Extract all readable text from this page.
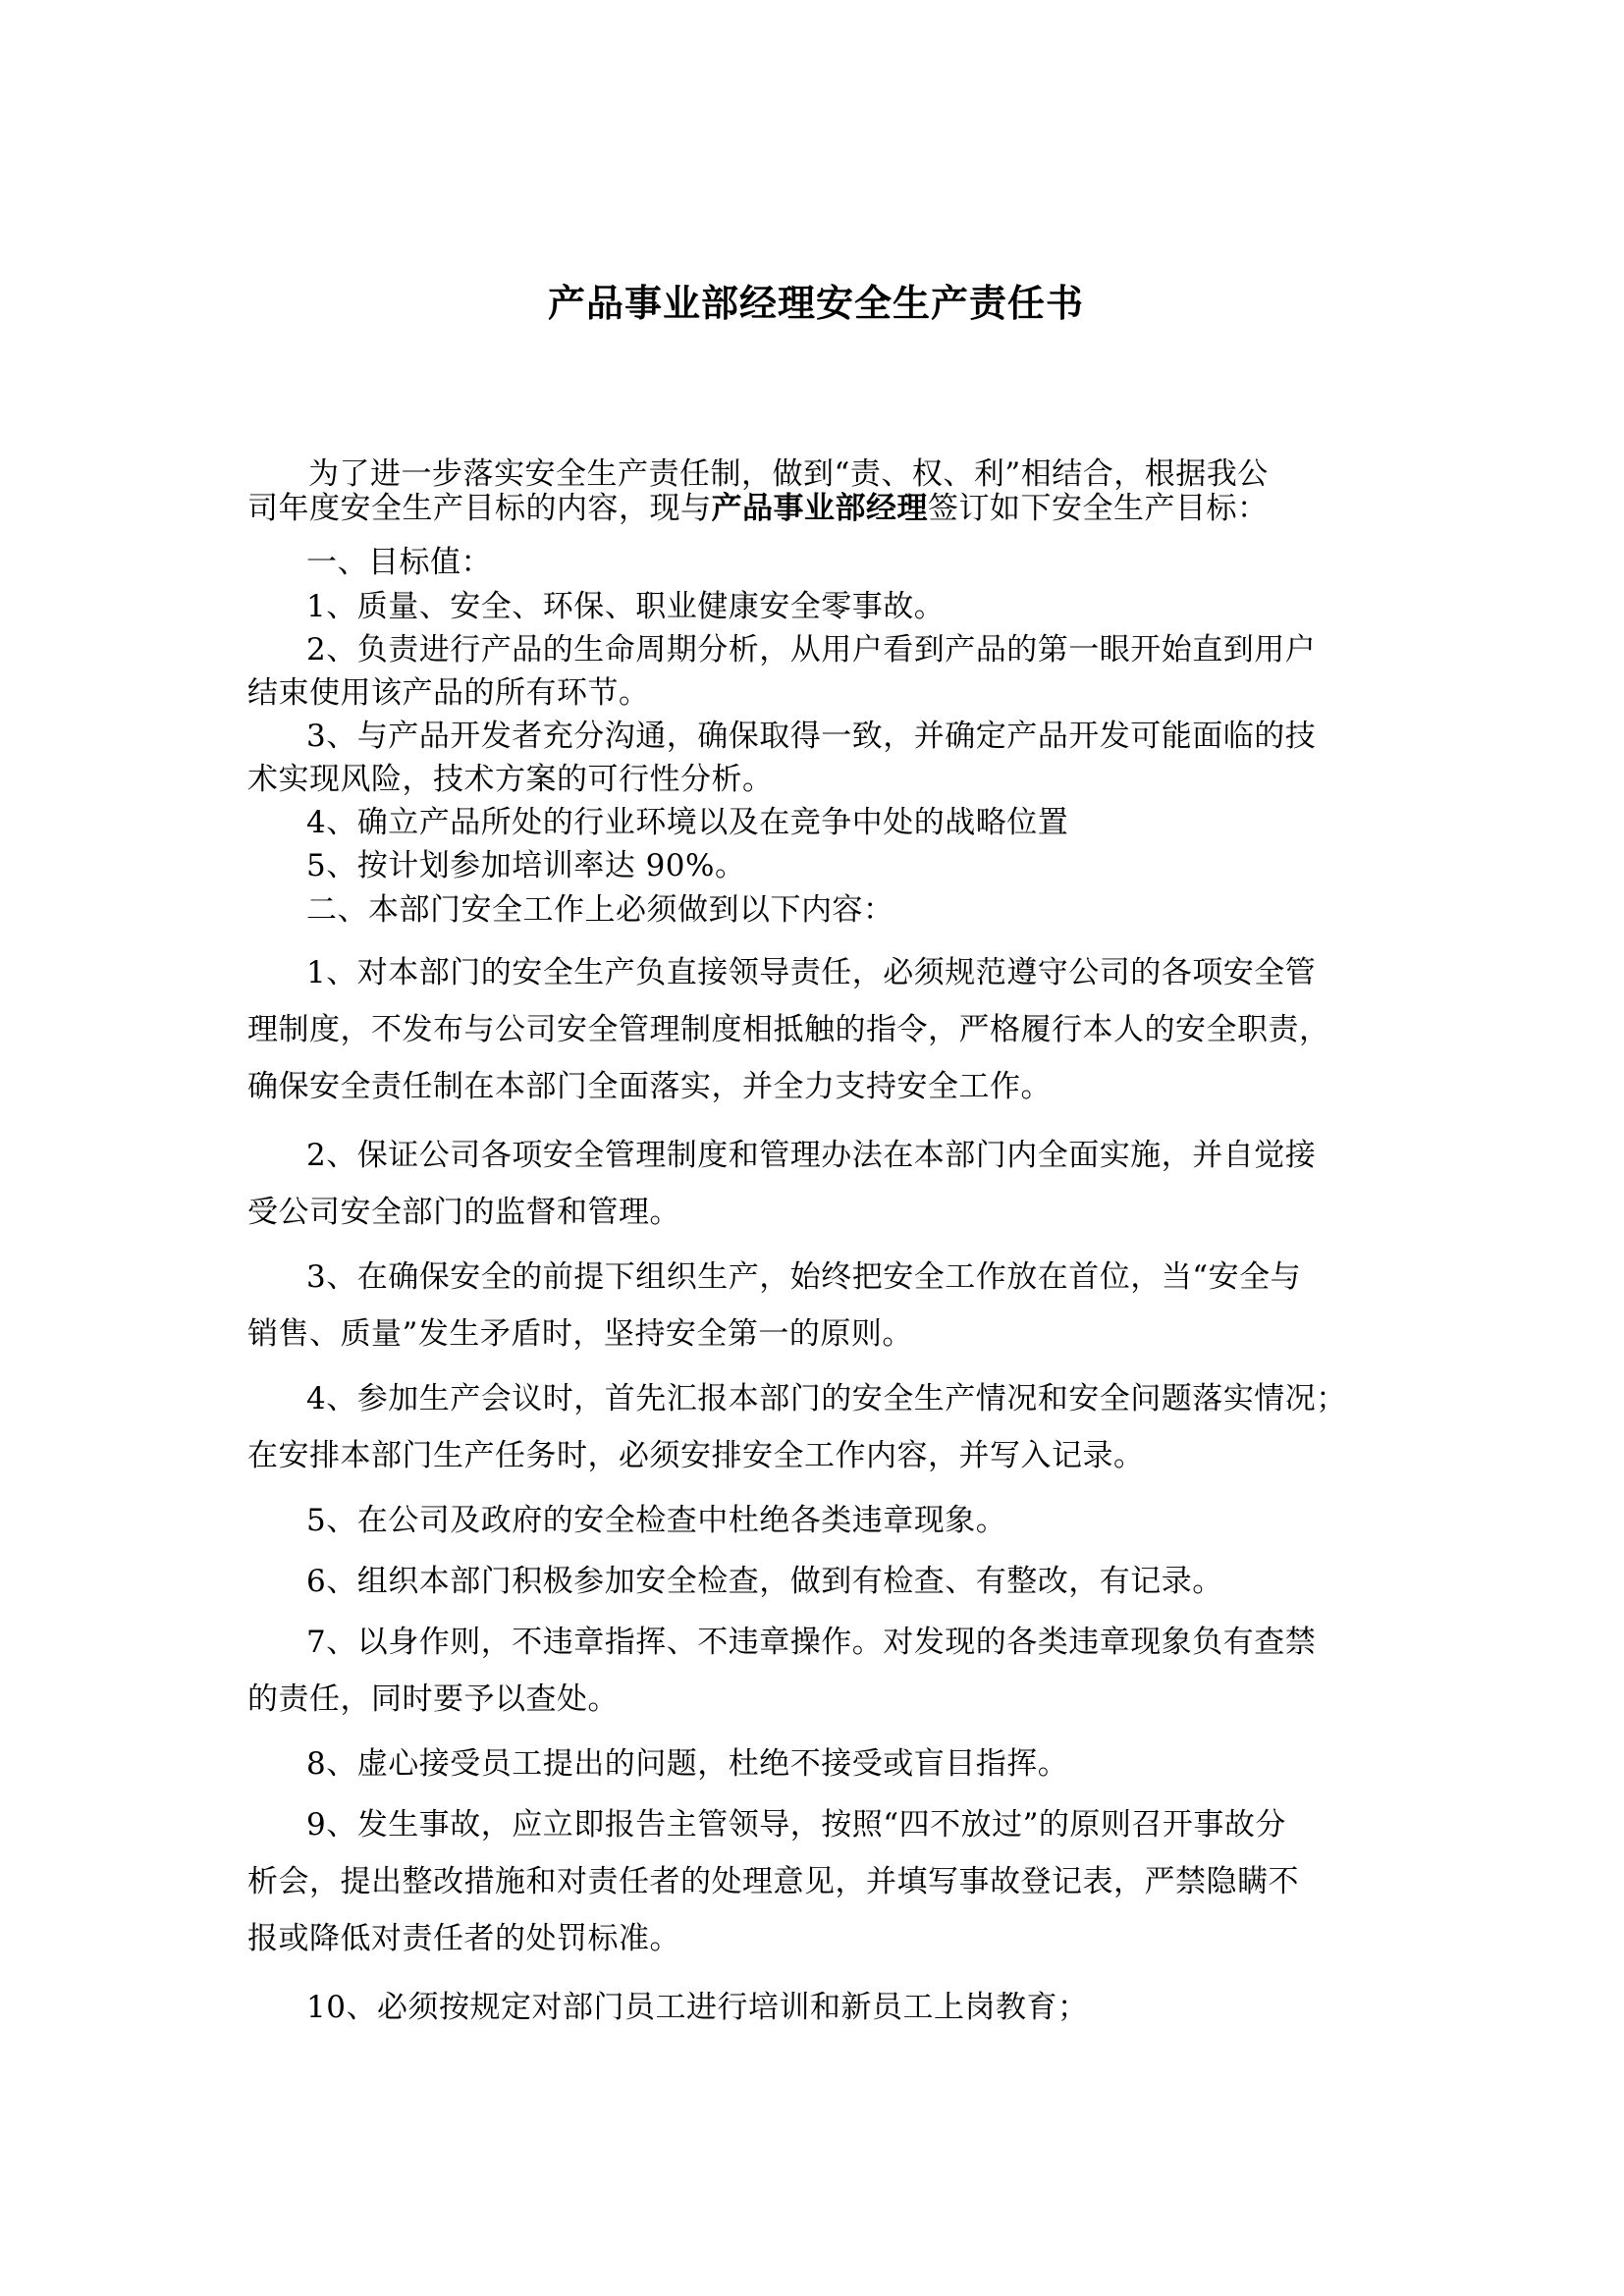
产品事业部经理安全生产责任书
为了进一步落实安全生产责任制，做到“责、权、利”相结合，根据我公
司年度安全生产目标的内容，现与产品事业部经理签订如下安全生产目标：
一、目标值：
1、质量、安全、环保、职业健康安全零事故。
2、负责进行产品的生命周期分析，从用户看到产品的第一眼开始直到用户
结束使用该产品的所有环节。
3、与产品开发者充分沟通，确保取得一致，并确定产品开发可能面临的技
术实现风险，技术方案的可行性分析。
4、确立产品所处的行业环境以及在竞争中处的战略位置
5、按计划参加培训率达 90%。
二、本部门安全工作上必须做到以下内容：
1、对本部门的安全生产负直接领导责任，必须规范遵守公司的各项安全管
理制度，不发布与公司安全管理制度相抵触的指令，严格履行本人的安全职责，
确保安全责任制在本部门全面落实，并全力支持安全工作。
2、保证公司各项安全管理制度和管理办法在本部门内全面实施，并自觉接
受公司安全部门的监督和管理。
3、在确保安全的前提下组织生产，始终把安全工作放在首位，当“安全与
销售、质量”发生矛盾时，坚持安全第一的原则。
4、参加生产会议时，首先汇报本部门的安全生产情况和安全问题落实情况；
在安排本部门生产任务时，必须安排安全工作内容，并写入记录。
5、在公司及政府的安全检查中杜绝各类违章现象。
6、组织本部门积极参加安全检查，做到有检查、有整改，有记录。
7、以身作则，不违章指挥、不违章操作。对发现的各类违章现象负有查禁
的责任，同时要予以查处。
8、虚心接受员工提出的问题，杜绝不接受或盲目指挥。
9、发生事故，应立即报告主管领导，按照“四不放过”的原则召开事故分
析会，提出整改措施和对责任者的处理意见，并填写事故登记表，严禁隐瞒不
报或降低对责任者的处罚标准。
10、必须按规定对部门员工进行培训和新员工上岗教育；
